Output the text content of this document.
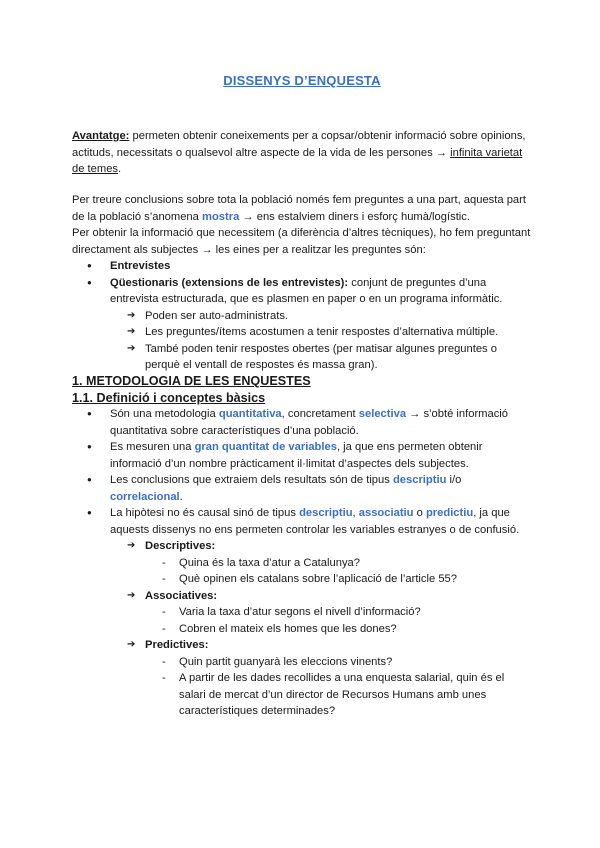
DISSENYS D’ENQUESTA

Avantatge: permeten obtenir coneixements per a copsar/obtenir informació sobre opinions, actituds, necessitats o qualsevol altre aspecte de la vida de les persones → infinita varietat de temes.

Per treure conclusions sobre tota la població només fem preguntes a una part, aquesta part de la població s’anomena mostra → ens estalviem diners i esforç humà/logístic.

Per obtenir la informació que necessitem (a diferència d’altres tècniques), ho fem preguntant directament als subjectes → les eines per a realitzar les preguntes són:

● Entrevistes
● Qüestionaris (extensions de les entrevistes): conjunt de preguntes d’una entrevista estructurada, que es plasmen en paper o en un programa informàtic.
➔ Poden ser auto-administrats.
➔ Les preguntes/ítems acostumen a tenir respostes d’alternativa múltiple.
➔ També poden tenir respostes obertes (per matisar algunes preguntes o perquè el ventall de respostes és massa gran).
1. METODOLOGIA DE LES ENQUESTES
1.1. Definició i conceptes bàsics
● Són una metodologia quantitativa, concretament selectiva → s’obté informació quantitativa sobre característiques d’una població.
● Es mesuren una gran quantitat de variables, ja que ens permeten obtenir informació d’un nombre pràcticament il·limitat d’aspectes dels subjectes.
● Les conclusions que extraiem dels resultats són de tipus descriptiu i/o correlacional.
● La hipòtesi no és causal sinó de tipus descriptiu, associatiu o predictiu, ja que aquests dissenys no ens permeten controlar les variables estranyes o de confusió.
➔ Descriptives:
- Quina és la taxa d’atur a Catalunya?
- Què opinen els catalans sobre l’aplicació de l’article 55?
➔ Associatives:
- Varia la taxa d’atur segons el nivell d’informació?
- Cobren el mateix els homes que les dones?
➔ Predictives:
- Quin partit guanyarà les eleccions vinents?
- A partir de les dades recollides a una enquesta salarial, quin és el salari de mercat d’un director de Recursos Humans amb unes característiques determinades?
